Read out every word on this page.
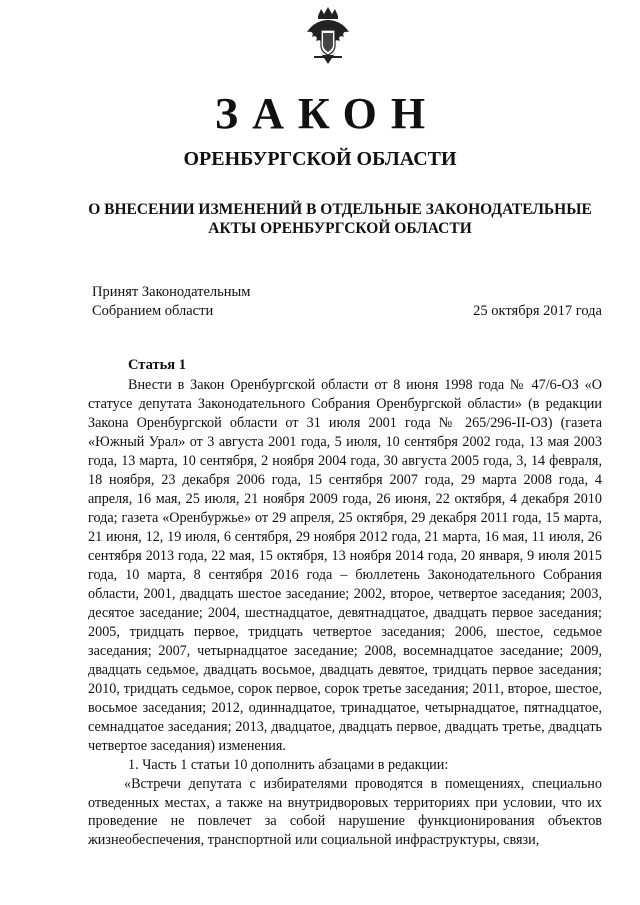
ЗАКОН
ОРЕНБУРГСКОЙ ОБЛАСТИ
О ВНЕСЕНИИ ИЗМЕНЕНИЙ В ОТДЕЛЬНЫЕ ЗАКОНОДАТЕЛЬНЫЕ АКТЫ ОРЕНБУРГСКОЙ ОБЛАСТИ
Принят Законодательным
Собранием области	25 октября 2017 года
Статья 1

Внести в Закон Оренбургской области от 8 июня 1998 года № 47/6-ОЗ «О статусе депутата Законодательного Собрания Оренбургской области» (в редакции Закона Оренбургской области от 31 июля 2001 года № 265/296-II-ОЗ) (газета «Южный Урал» от 3 августа 2001 года, 5 июля, 10 сентября 2002 года, 13 мая 2003 года, 13 марта, 10 сентября, 2 ноября 2004 года, 30 августа 2005 года, 3, 14 февраля, 18 ноября, 23 декабря 2006 года, 15 сентября 2007 года, 29 марта 2008 года, 4 апреля, 16 мая, 25 июля, 21 ноября 2009 года, 26 июня, 22 октября, 4 декабря 2010 года; газета «Оренбуржье» от 29 апреля, 25 октября, 29 декабря 2011 года, 15 марта, 21 июня, 12, 19 июля, 6 сентября, 29 ноября 2012 года, 21 марта, 16 мая, 11 июля, 26 сентября 2013 года, 22 мая, 15 октября, 13 ноября 2014 года, 20 января, 9 июля 2015 года, 10 марта, 8 сентября 2016 года – бюллетень Законодательного Собрания области, 2001, двадцать шестое заседание; 2002, второе, четвертое заседания; 2003, десятое заседание; 2004, шестнадцатое, девятнадцатое, двадцать первое заседания; 2005, тридцать первое, тридцать четвертое заседания; 2006, шестое, седьмое заседания; 2007, четырнадцатое заседание; 2008, восемнадцатое заседание; 2009, двадцать седьмое, двадцать восьмое, двадцать девятое, тридцать первое заседания; 2010, тридцать седьмое, сорок первое, сорок третье заседания; 2011, второе, шестое, восьмое заседания; 2012, одиннадцатое, тринадцатое, четырнадцатое, пятнадцатое, семнадцатое заседания; 2013, двадцатое, двадцать первое, двадцать третье, двадцать четвертое заседания) изменения.

1. Часть 1 статьи 10 дополнить абзацами в редакции:

«Встречи депутата с избирателями проводятся в помещениях, специально отведенных местах, а также на внутридворовых территориях при условии, что их проведение не повлечет за собой нарушение функционирования объектов жизнеобеспечения, транспортной или социальной инфраструктуры, связи,
